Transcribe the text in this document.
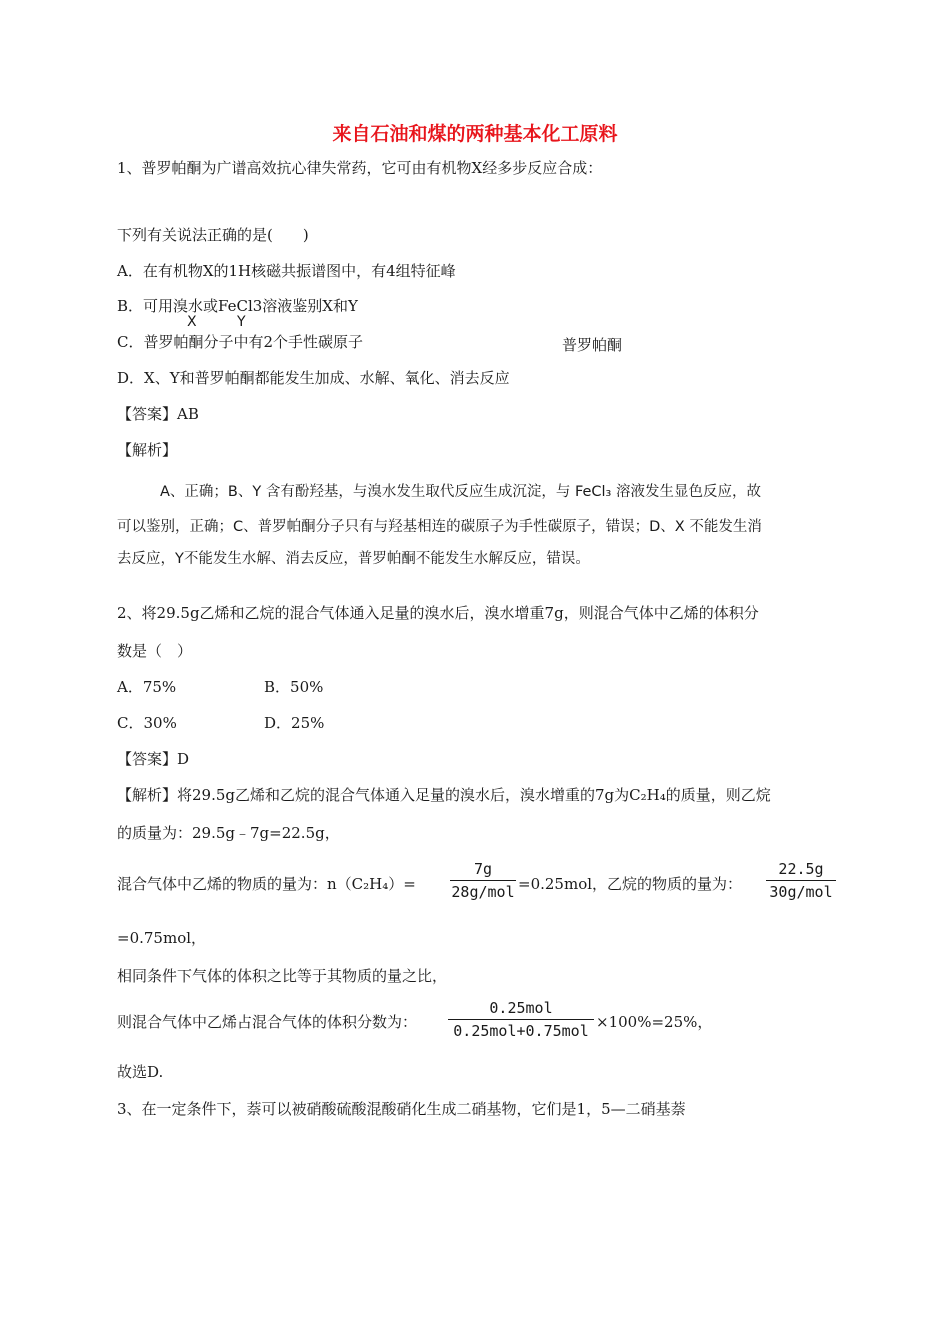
来自石油和煤的两种基本化工原料
1、普罗帕酮为广谱高效抗心律失常药，它可由有机物X经多步反应合成：
下列有关说法正确的是(　　)
A．在有机物X的1H核磁共振谱图中，有4组特征峰
B．可用溴水或FeCl3溶液鉴别X和Y
X	Y
C．普罗帕酮分子中有2个手性碳原子	普罗帕酮
D．X、Y和普罗帕酮都能发生加成、水解、氧化、消去反应
【答案】AB
【解析】
A、正确；B、Y 含有酚羟基，与溴水发生取代反应生成沉淀，与 FeCl₃ 溶液发生显色反应，故
可以鉴别，正确；C、普罗帕酮分子只有与羟基相连的碳原子为手性碳原子，错误；D、X 不能发生消
去反应，Y不能发生水解、消去反应，普罗帕酮不能发生水解反应，错误。
2、将29.5g乙烯和乙烷的混合气体通入足量的溴水后，溴水增重7g，则混合气体中乙烯的体积分
数是（　）
A．75%	B．50%
C．30%	D．25%
【答案】D
【解析】将29.5g乙烯和乙烷的混合气体通入足量的溴水后，溴水增重的7g为C₂H₄的质量，则乙烷
的质量为：29.5g﹣7g=22.5g，
混合气体中乙烯的物质的量为：n（C₂H₄）=
7g
28g/mol =0.25mol，乙烷的物质的量为：
22.5g
30g/mol
=0.75mol，
相同条件下气体的体积之比等于其物质的量之比，
则混合气体中乙烯占混合气体的体积分数为：
0.25mol
0.25mol+0.75mol ×100%=25%，
故选D.
3、在一定条件下，萘可以被硝酸硫酸混酸硝化生成二硝基物，它们是1，5—二硝基萘
